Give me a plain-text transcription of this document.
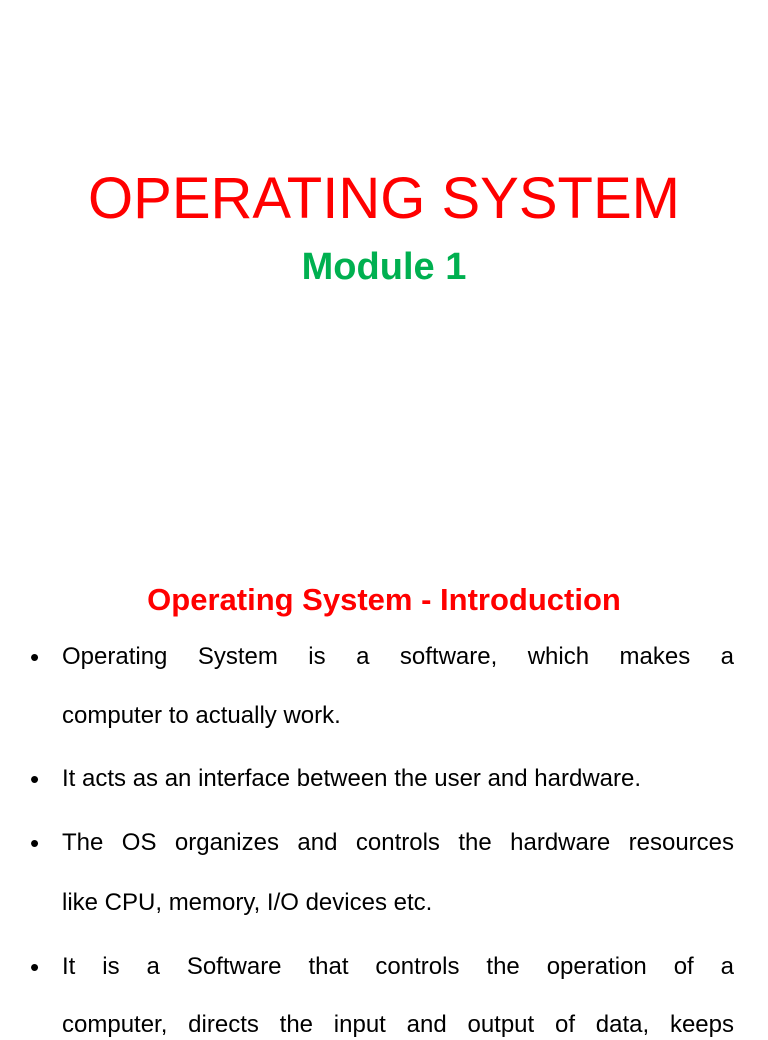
OPERATING SYSTEM
Module 1
Operating System - Introduction
• Operating System is a software, which makes a
computer to actually work.
• It acts as an interface between the user and hardware.
• The OS organizes and controls the hardware resources
like CPU, memory, I/O devices etc.
• It is a Software that controls the operation of a
computer, directs the input and output of data, keeps
